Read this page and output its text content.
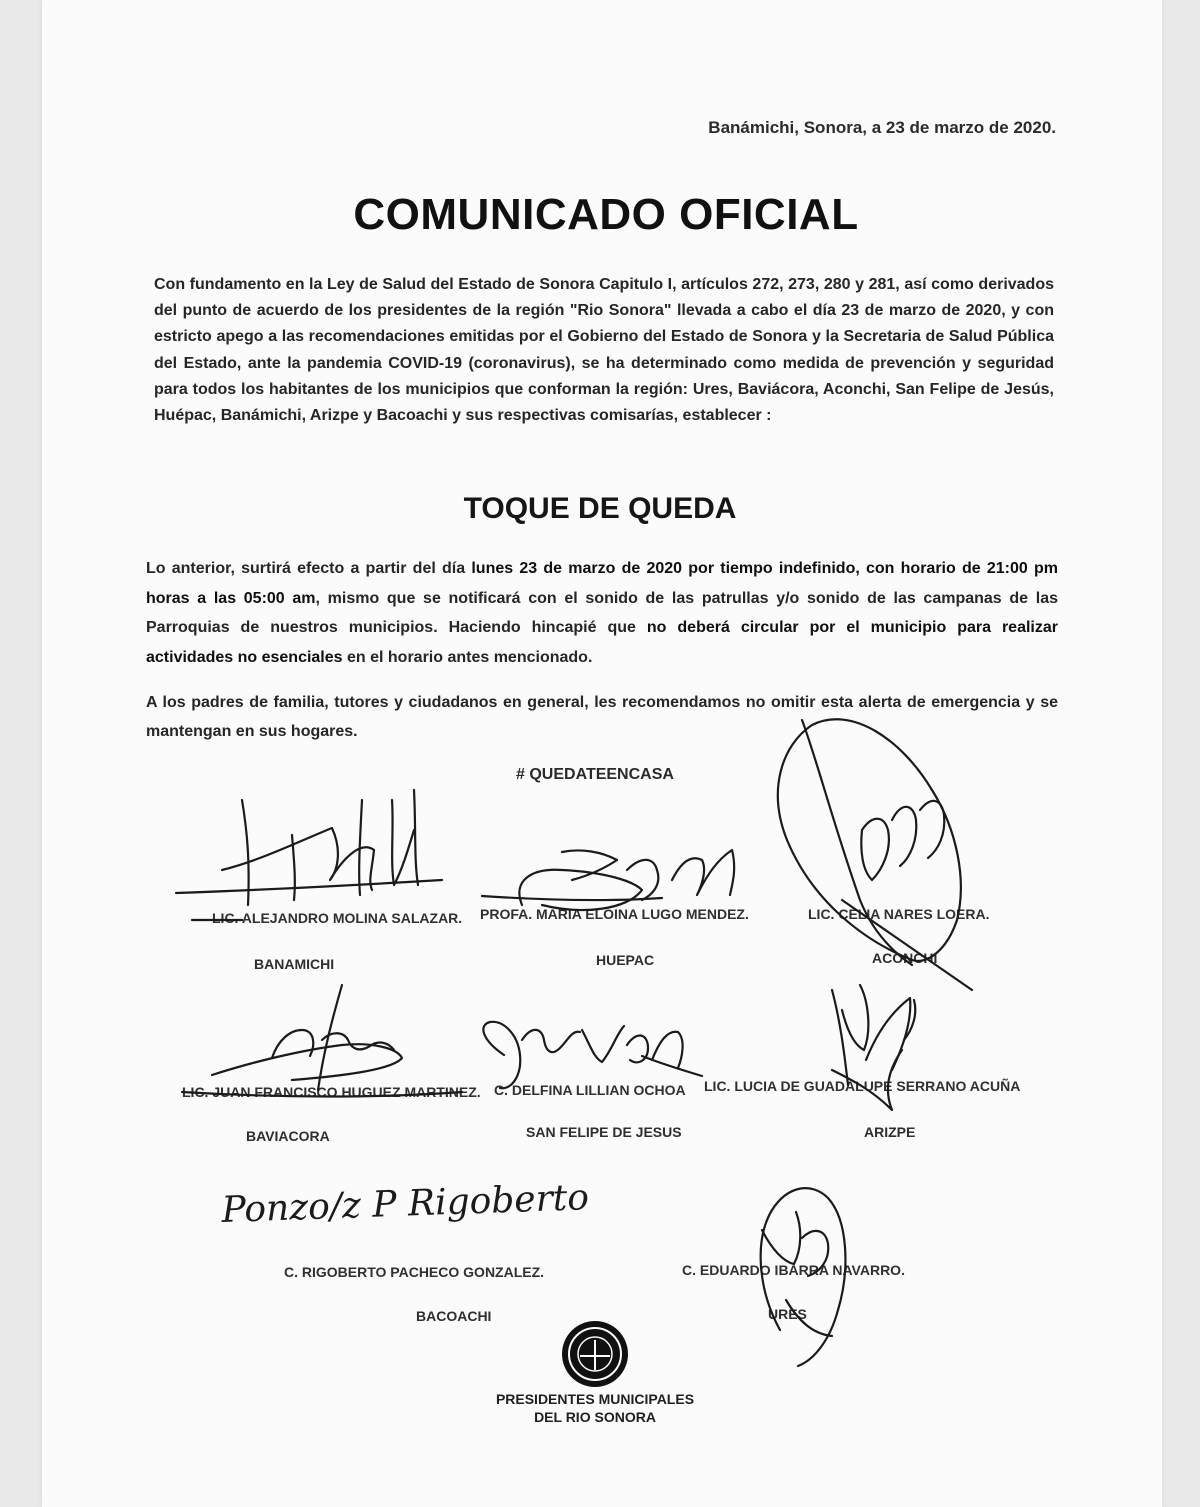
Banámichi, Sonora, a 23 de marzo de 2020.
COMUNICADO OFICIAL
Con fundamento en la Ley de Salud del Estado de Sonora Capitulo I, artículos 272, 273, 280 y 281, así como derivados del punto de acuerdo de los presidentes de la región "Rio Sonora" llevada a cabo el día 23 de marzo de 2020, y con estricto apego a las recomendaciones emitidas por el Gobierno del Estado de Sonora y la Secretaria de Salud Pública del Estado, ante la pandemia COVID-19 (coronavirus), se ha determinado como medida de prevención y seguridad para todos los habitantes de los municipios que conforman la región: Ures, Baviácora, Aconchi, San Felipe de Jesús, Huépac, Banámichi, Arizpe y Bacoachi y sus respectivas comisarías, establecer :
TOQUE DE QUEDA
Lo anterior, surtirá efecto a partir del día lunes 23 de marzo de 2020 por tiempo indefinido, con horario de 21:00 pm horas a las 05:00 am, mismo que se notificará con el sonido de las patrullas y/o sonido de las campanas de las Parroquias de nuestros municipios. Haciendo hincapié que no deberá circular por el municipio para realizar actividades no esenciales en el horario antes mencionado.
A los padres de familia, tutores y ciudadanos en general, les recomendamos no omitir esta alerta de emergencia y se mantengan en sus hogares.
# QUEDATEENCASA
LIC. ALEJANDRO MOLINA SALAZAR.
BANAMICHI
PROFA. MARIA ELOINA LUGO MENDEZ.
HUEPAC
LIC. CELIA NARES LOERA.
ACONCHI
LIC. JUAN FRANCISCO HUGUEZ MARTINEZ.
BAVIACORA
C. DELFINA LILLIAN OCHOA
SAN FELIPE DE JESUS
LIC. LUCIA DE GUADALUPE SERRANO ACUÑA
ARIZPE
C. RIGOBERTO PACHECO GONZALEZ.
BACOACHI
C. EDUARDO IBARRA NAVARRO.
URES
Ponzo/z P Rigoberto
PRESIDENTES MUNICIPALES
DEL RIO SONORA
